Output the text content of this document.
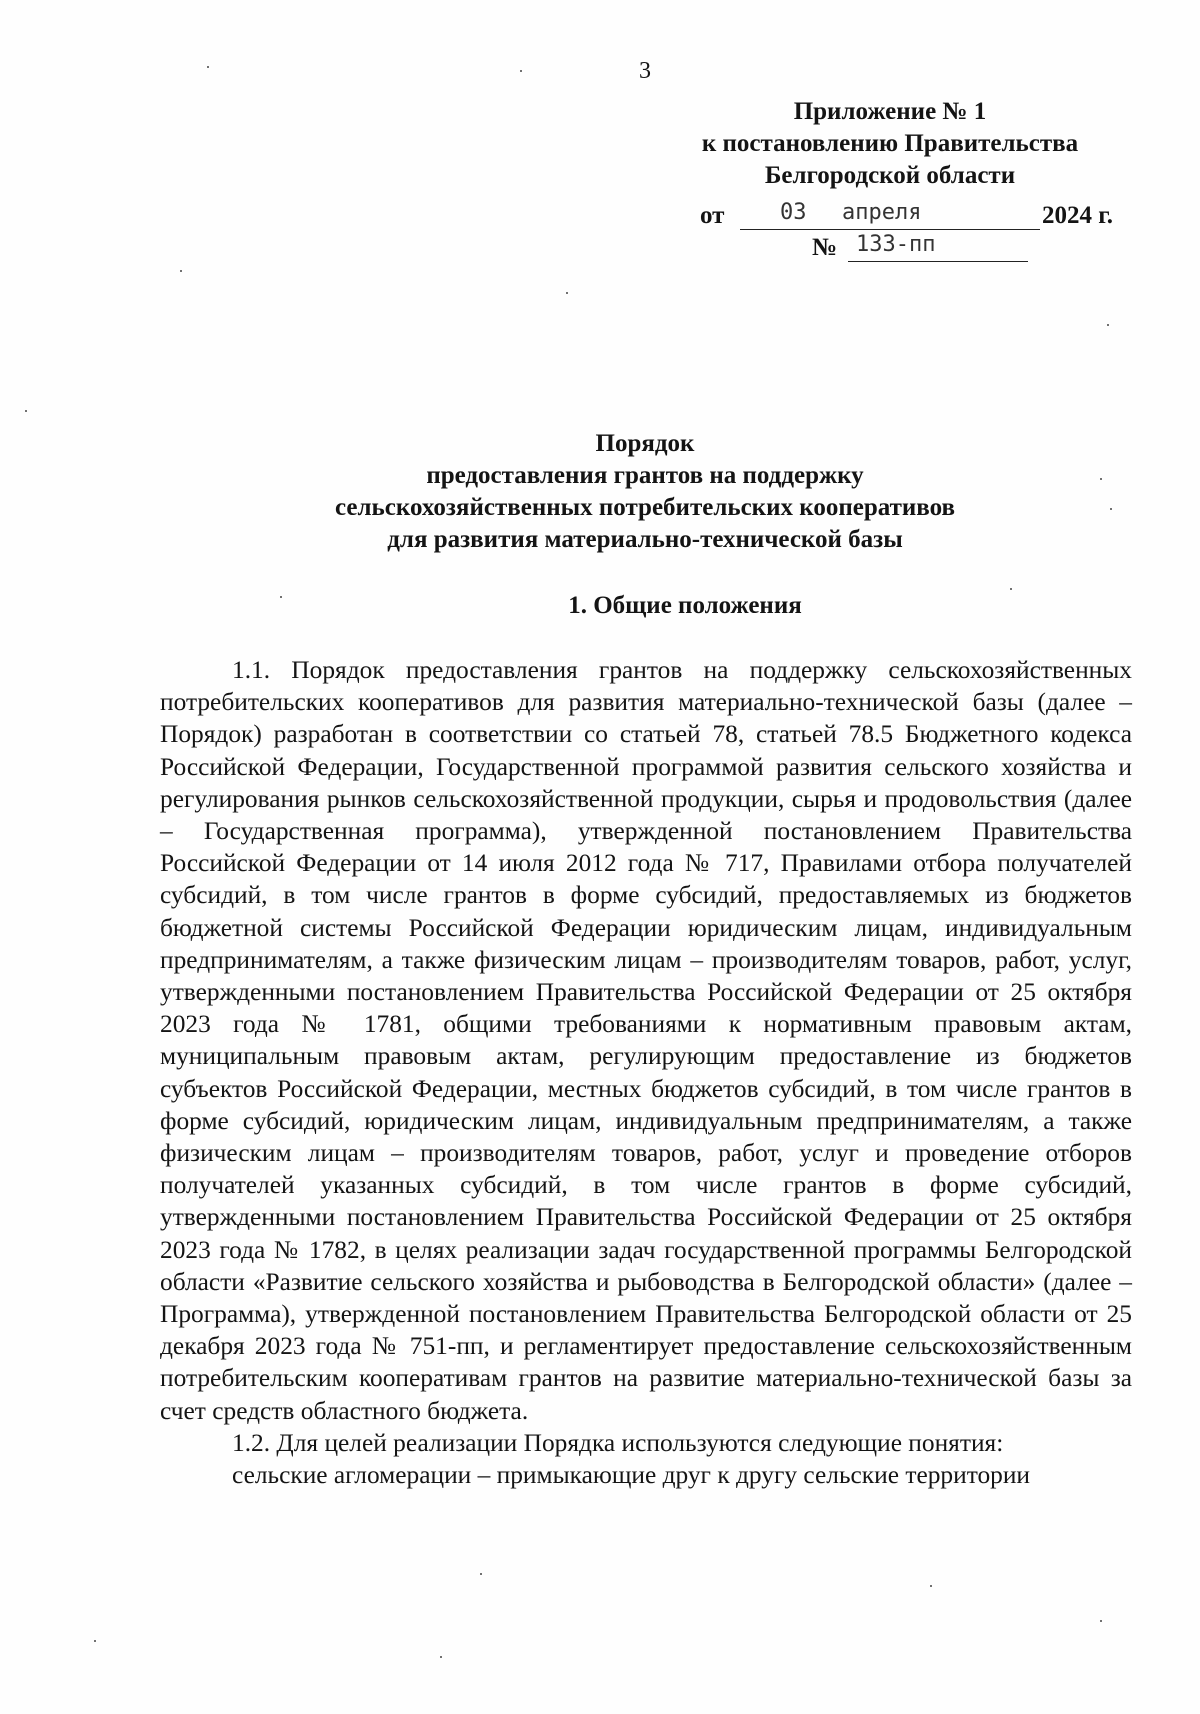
3
Приложение № 1
к постановлению Правительства
Белгородской области
от	03 апреля	2024 г.
№ 133-пп
Порядок
предоставления грантов на поддержку
сельскохозяйственных потребительских кооперативов
для развития материально-технической базы
1. Общие положения

1.1. Порядок предоставления грантов на поддержку сельскохозяйственных потребительских кооперативов для развития материально-технической базы (далее – Порядок) разработан в соответствии со статьей 78, статьей 78.5 Бюджетного кодекса Российской Федерации, Государственной программой развития сельского хозяйства и регулирования рынков сельскохозяйственной продукции, сырья и продовольствия (далее – Государственная программа), утвержденной постановлением Правительства Российской Федерации от 14 июля 2012 года № 717, Правилами отбора получателей субсидий, в том числе грантов в форме субсидий, предоставляемых из бюджетов бюджетной системы Российской Федерации юридическим лицам, индивидуальным предпринимателям, а также физическим лицам – производителям товаров, работ, услуг, утвержденными постановлением Правительства Российской Федерации от 25 октября 2023 года № 1781, общими требованиями к нормативным правовым актам, муниципальным правовым актам, регулирующим предоставление из бюджетов субъектов Российской Федерации, местных бюджетов субсидий, в том числе грантов в форме субсидий, юридическим лицам, индивидуальным предпринимателям, а также физическим лицам – производителям товаров, работ, услуг и проведение отборов получателей указанных субсидий, в том числе грантов в форме субсидий, утвержденными постановлением Правительства Российской Федерации от 25 октября 2023 года № 1782, в целях реализации задач государственной программы Белгородской области «Развитие сельского хозяйства и рыбоводства в Белгородской области» (далее – Программа), утвержденной постановлением Правительства Белгородской области от 25 декабря 2023 года № 751-пп, и регламентирует предоставление сельскохозяйственным потребительским кооперативам грантов на развитие материально-технической базы за счет средств областного бюджета.

1.2. Для целей реализации Порядка используются следующие понятия:

сельские агломерации – примыкающие друг к другу сельские территории
